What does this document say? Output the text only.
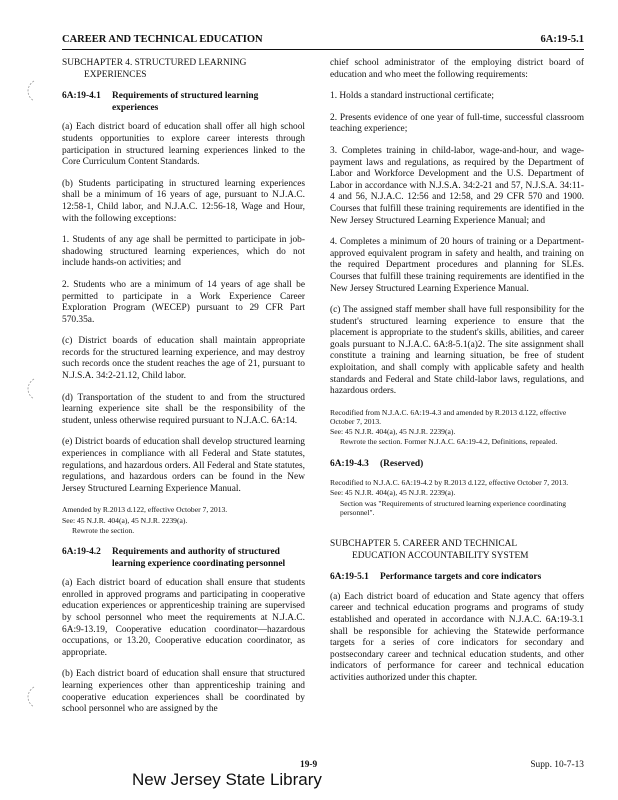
CAREER AND TECHNICAL EDUCATION	6A:19-5.1

SUBCHAPTER 4. STRUCTURED LEARNING
EXPERIENCES

6A:19-4.1 Requirements of structured learning experiences

(a) Each district board of education shall offer all high school students opportunities to explore career interests through participation in structured learning experiences linked to the Core Curriculum Content Standards.

(b) Students participating in structured learning experiences shall be a minimum of 16 years of age, pursuant to N.J.A.C. 12:58-1, Child labor, and N.J.A.C. 12:56-18, Wage and Hour, with the following exceptions:

1. Students of any age shall be permitted to participate in job-shadowing structured learning experiences, which do not include hands-on activities; and

2. Students who are a minimum of 14 years of age shall be permitted to participate in a Work Experience Career Exploration Program (WECEP) pursuant to 29 CFR Part 570.35a.

(c) District boards of education shall maintain appropriate records for the structured learning experience, and may destroy such records once the student reaches the age of 21, pursuant to N.J.S.A. 34:2-21.12, Child labor.

(d) Transportation of the student to and from the structured learning experience site shall be the responsibility of the student, unless otherwise required pursuant to N.J.A.C. 6A:14.

(e) District boards of education shall develop structured learning experiences in compliance with all Federal and State statutes, regulations, and hazardous orders. All Federal and State statutes, regulations, and hazardous orders can be found in the New Jersey Structured Learning Experience Manual.

Amended by R.2013 d.122, effective October 7, 2013.
See: 45 N.J.R. 404(a), 45 N.J.R. 2239(a).
Rewrote the section.
6A:19-4.2 Requirements and authority of structured learning experience coordinating personnel

(a) Each district board of education shall ensure that students enrolled in approved programs and participating in cooperative education experiences or apprenticeship training are supervised by school personnel who meet the requirements at N.J.A.C. 6A:9-13.19, Cooperative education coordinator—hazardous occupations, or 13.20, Cooperative education coordinator, as appropriate.

(b) Each district board of education shall ensure that structured learning experiences other than apprenticeship training and cooperative education experiences shall be coordinated by school personnel who are assigned by the

chief school administrator of the employing district board of education and who meet the following requirements:

1. Holds a standard instructional certificate;

2. Presents evidence of one year of full-time, successful classroom teaching experience;

3. Completes training in child-labor, wage-and-hour, and wage-payment laws and regulations, as required by the Department of Labor and Workforce Development and the U.S. Department of Labor in accordance with N.J.S.A. 34:2-21 and 57, N.J.S.A. 34:11-4 and 56, N.J.A.C. 12:56 and 12:58, and 29 CFR 570 and 1900. Courses that fulfill these training requirements are identified in the New Jersey Structured Learning Experience Manual; and

4. Completes a minimum of 20 hours of training or a Department-approved equivalent program in safety and health, and training on the required Department procedures and planning for SLEs. Courses that fulfill these training requirements are identified in the New Jersey Structured Learning Experience Manual.

(c) The assigned staff member shall have full responsibility for the student's structured learning experience to ensure that the placement is appropriate to the student's skills, abilities, and career goals pursuant to N.J.A.C. 6A:8-5.1(a)2. The site assignment shall constitute a training and learning situation, be free of student exploitation, and shall comply with applicable safety and health standards and Federal and State child-labor laws, regulations, and hazardous orders.

Recodified from N.J.A.C. 6A:19-4.3 and amended by R.2013 d.122, effective October 7, 2013.
See: 45 N.J.R. 404(a), 45 N.J.R. 2239(a).
Rewrote the section. Former N.J.A.C. 6A:19-4.2, Definitions, repealed.
6A:19-4.3 (Reserved)
Recodified to N.J.A.C. 6A:19-4.2 by R.2013 d.122, effective October 7, 2013.
See: 45 N.J.R. 404(a), 45 N.J.R. 2239(a).
Section was "Requirements of structured learning experience coordinating personnel".

SUBCHAPTER 5. CAREER AND TECHNICAL
EDUCATION ACCOUNTABILITY SYSTEM

6A:19-5.1 Performance targets and core indicators

(a) Each district board of education and State agency that offers career and technical education programs and programs of study established and operated in accordance with N.J.A.C. 6A:19-3.1 shall be responsible for achieving the Statewide performance targets for a series of core indicators for secondary and postsecondary career and technical education students, and other indicators of performance for career and technical education activities authorized under this chapter.

19-9	Supp. 10-7-13
New Jersey State Library
